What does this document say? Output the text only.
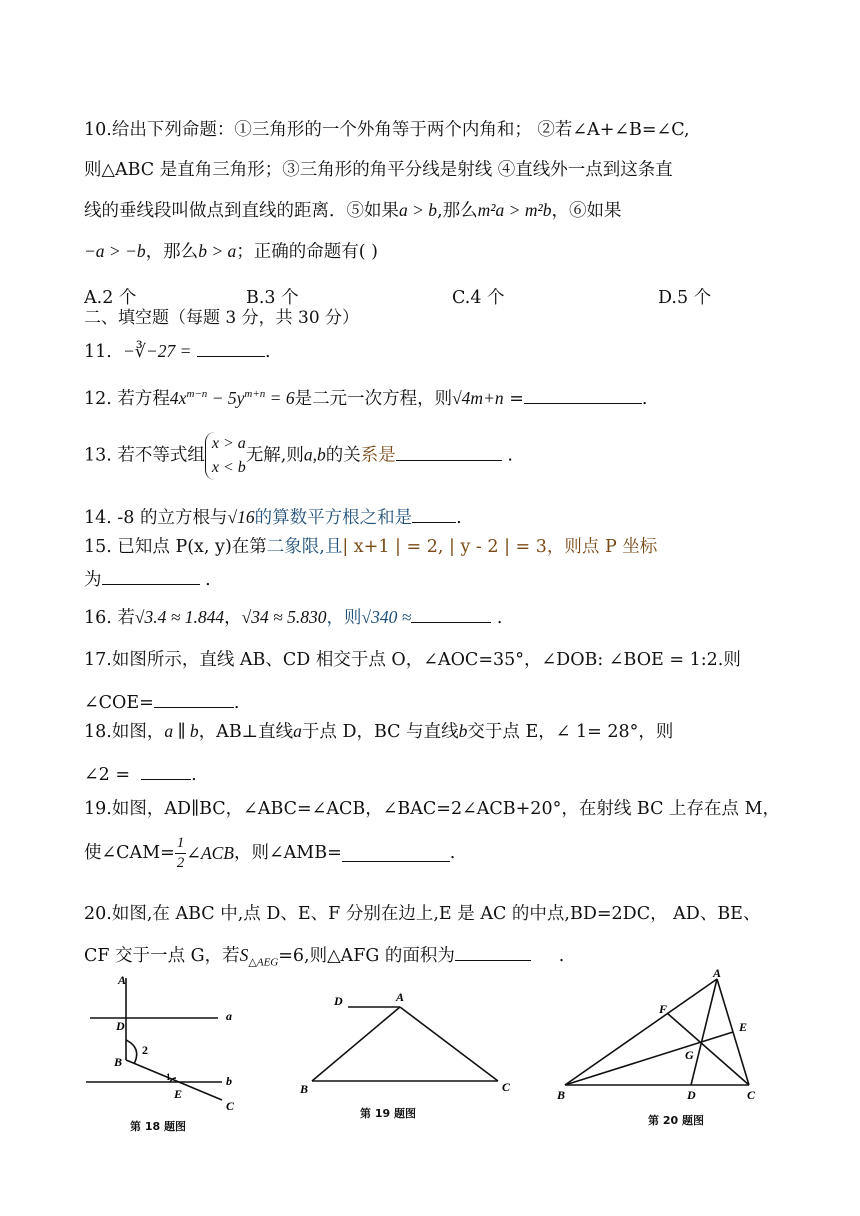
10.给出下列命题：①三角形的一个外角等于两个内角和； ②若∠A+∠B=∠C,
则△ABC 是直角三角形；③三角形的角平分线是射线 ④直线外一点到这条直
线的垂线段叫做点到直线的距离．⑤如果a > b,那么m²a > m²b，⑥如果
−a > −b，那么b > a；正确的命题有( )
A.2 个	B.3 个	C.4 个	D.5 个
二、填空题（每题 3 分，共 30 分）
11. −∛−27 =	.
12. 若方程$4x^{m-n} - 5y^{m+n} = 6$是二元一次方程，则√4m+n =	.
13. 若不等式组
x > a
x < b
无解,则a,b的关系是	.
14. -8 的立方根与√16的算数平方根之和是	.
15. 已知点 P(x, y)在第二象限,且| x+1 | = 2, | y - 2 | = 3，则点 P 坐标
为	.
16. 若√3.4 ≈ 1.844，√34 ≈ 5.830，则√340 ≈	.
17.如图所示，直线 AB、CD 相交于点 O，∠AOC=35°，∠DOB: ∠BOE = 1:2.则
∠COE=	.
18.如图，a ∥ b，AB⊥直线a于点 D，BC 与直线b交于点 E，∠ 1= 28°，则
∠2 =	.
19.如图，AD∥BC，∠ABC=∠ACB，∠BAC=2∠ACB+20°，在射线 BC 上存在点 M，
使∠CAM= $\frac{1}{2}$ ∠ACB，则∠AMB=	.
20.如图,在 ABC 中,点 D、E、F 分别在边上,E 是 AC 的中点,BD=2DC， AD、BE、
CF 交于一点 G，若$S_{\triangle AEG}=6$,则△AFG 的面积为	.
A
a
D
B
2
1
E
b
C
第 18 题图
D	A
B	C
第 19 题图
A
F
E
G
B	D	C
第 20 题图
